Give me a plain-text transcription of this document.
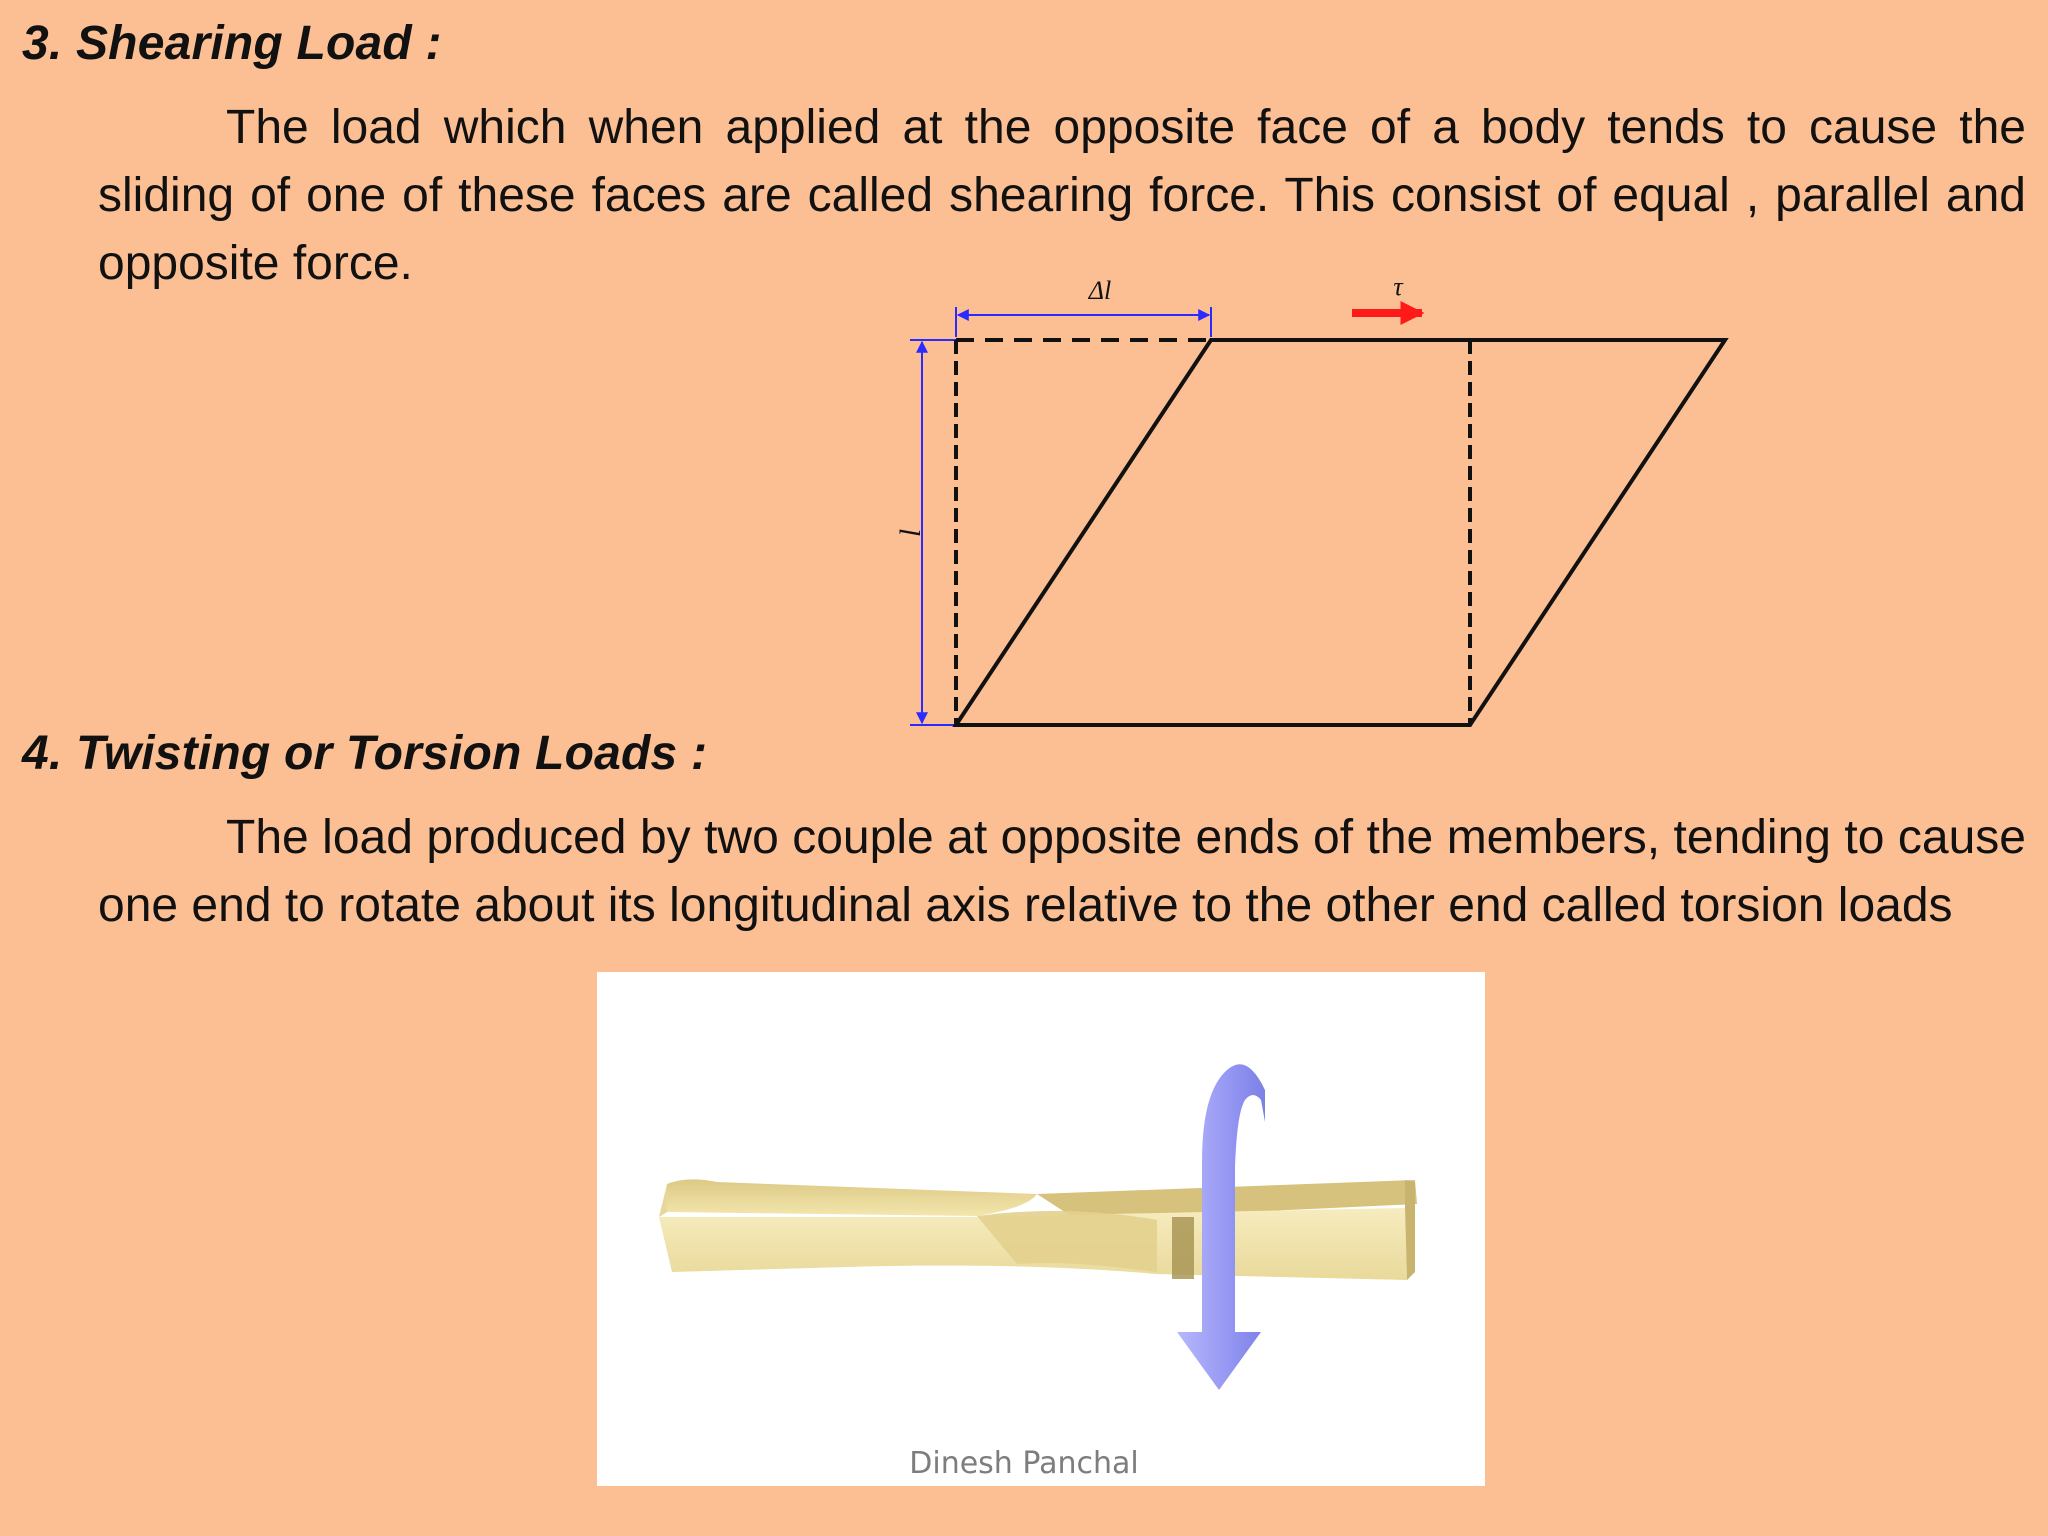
3. Shearing Load :

The load which when applied at the opposite face of a body tends to cause the sliding of one of these faces are called shearing force. This consist of equal , parallel and opposite force.

Δl
l
τ
4. Twisting or Torsion Loads :

The load produced by two couple at opposite ends of the members, tending to cause one end to rotate about its longitudinal axis relative to the other end called torsion loads

Dinesh Panchal
